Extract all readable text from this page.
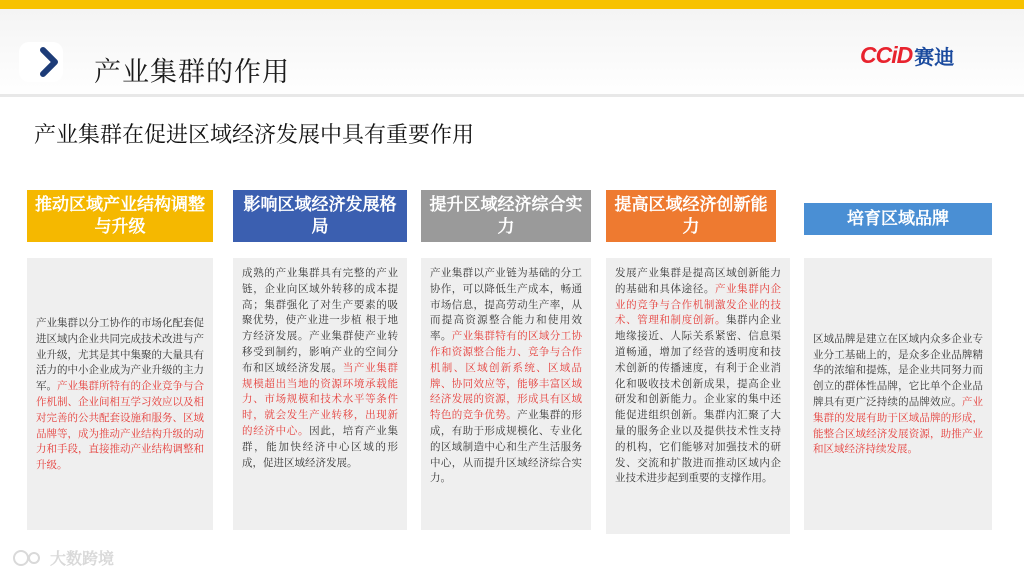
产业集群的作用
CCiD 赛迪
产业集群在促进区域经济发展中具有重要作用
推动区域产业结构调整与升级
影响区域经济发展格局
提升区域经济综合实力
提高区域经济创新能力	培育区域品牌
产业集群以分工协作的市场化配套促进区域内企业共同完成技术改进与产业升级，尤其是其中集聚的大量具有活力的中小企业成为产业升级的主力军。产业集群所特有的企业竞争与合作机制、企业间相互学习效应以及相对完善的公共配套设施和服务、区域品牌等，成为推动产业结构升级的动力和手段，直接推动产业结构调整和升级。
成熟的产业集群具有完整的产业链，企业向区域外转移的成本提高；集群强化了对生产要素的吸聚优势，使产业进一步植 根于地方经济发展。产业集群使产业转移受到制约，影响产业的空间分布和区域经济发展。当产业集群规模超出当地的资源环境承载能力、市场规模和技术水平等条件时，就会发生产业转移，出现新的经济中心。因此，培育产业集群，能加快经济中心区域的形成，促进区域经济发展。
产业集群以产业链为基础的分工协作，可以降低生产成本，畅通市场信息，提高劳动生产率，从而提高资源整合能力和使用效率。产业集群特有的区域分工协作和资源整合能力、竞争与合作机制、区域创新系统、区域品牌、协同效应等，能够丰富区域经济发展的资源，形成具有区域特色的竞争优势。产业集群的形成，有助于形成规模化、专业化的区域制造中心和生产生活服务中心，从而提升区域经济综合实力。
发展产业集群是提高区域创新能力的基础和具体途径。产业集群内企业的竞争与合作机制激发企业的技术、管理和制度创新。集群内企业地缘接近、人际关系紧密、信息渠道畅通，增加了经营的透明度和技术创新的传播速度，有利于企业消化和吸收技术创新成果，提高企业研发和创新能力。企业家的集中还能促进组织创新。集群内汇聚了大量的服务企业以及提供技术性支持的机构，它们能够对加强技术的研发、交流和扩散进而推动区域内企业技术进步起到重要的支撑作用。
区域品牌是建立在区域内众多企业专业分工基础上的，是众多企业品牌精华的浓缩和提炼，是企业共同努力而创立的群体性品牌，它比单个企业品牌具有更广泛持续的品牌效应。产业集群的发展有助于区域品牌的形成，能整合区域经济发展资源，助推产业和区域经济持续发展。
大数跨境
